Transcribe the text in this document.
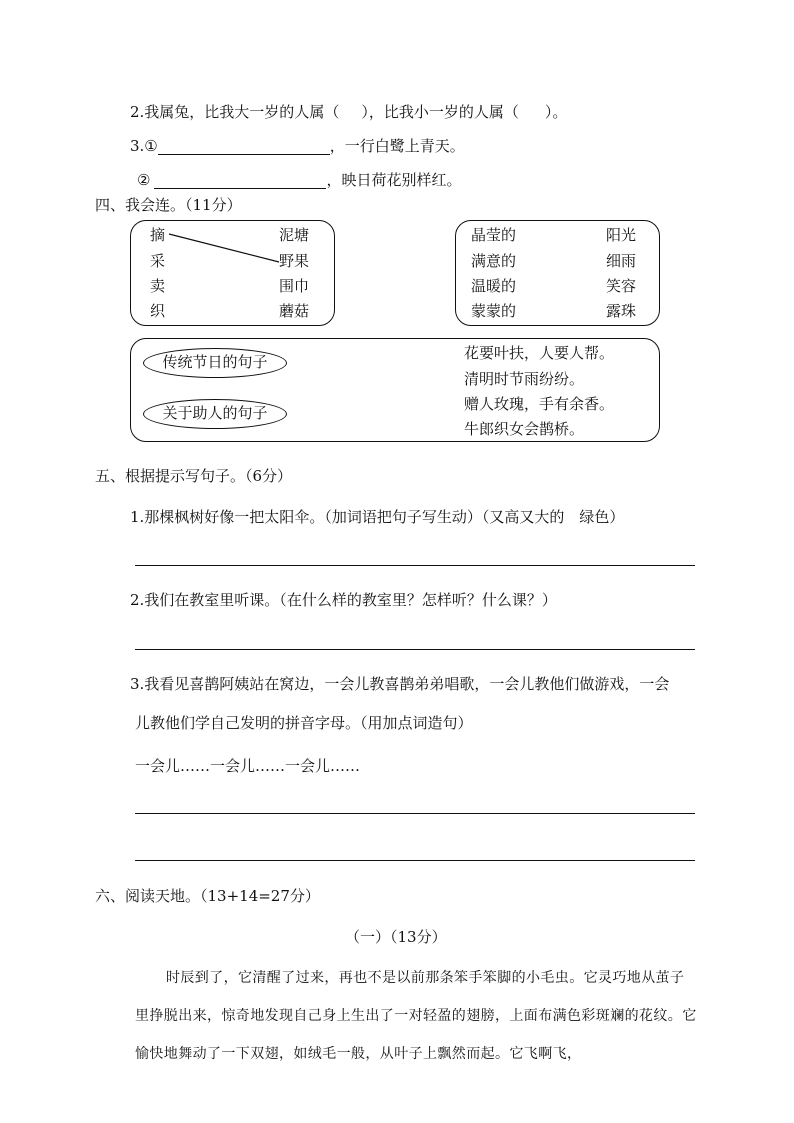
2.我属兔，比我大一岁的人属（ ），比我小一岁的人属（ ）。
3.①	，一行白鹭上青天。
②	，映日荷花别样红。
四、我会连。（11分）
摘
采
卖
织
泥塘
野果
围巾
蘑菇
晶莹的
满意的
温暖的
蒙蒙的
阳光
细雨
笑容
露珠
传统节日的句子
关于助人的句子
花要叶扶，人要人帮。
清明时节雨纷纷。
赠人玫瑰，手有余香。
牛郎织女会鹊桥。
五、根据提示写句子。（6分）
1.那棵枫树好像一把太阳伞。（加词语把句子写生动）（又高又大的　绿色）
2.我们在教室里听课。（在什么样的教室里？怎样听？什么课？）
3.我看见喜鹊阿姨站在窝边，一会儿教喜鹊弟弟唱歌，一会儿教他们做游戏，一会
儿教他们学自己发明的拼音字母。（用加点词造句）
一会儿……一会儿……一会儿……
六、阅读天地。（13+14=27分）
（一）（13分）
时辰到了，它清醒了过来，再也不是以前那条笨手笨脚的小毛虫。它灵巧地从茧子里挣脱出来，惊奇地发现自己身上生出了一对轻盈的翅膀，上面布满色彩斑斓的花纹。它愉快地舞动了一下双翅，如绒毛一般，从叶子上飘然而起。它飞啊飞，
